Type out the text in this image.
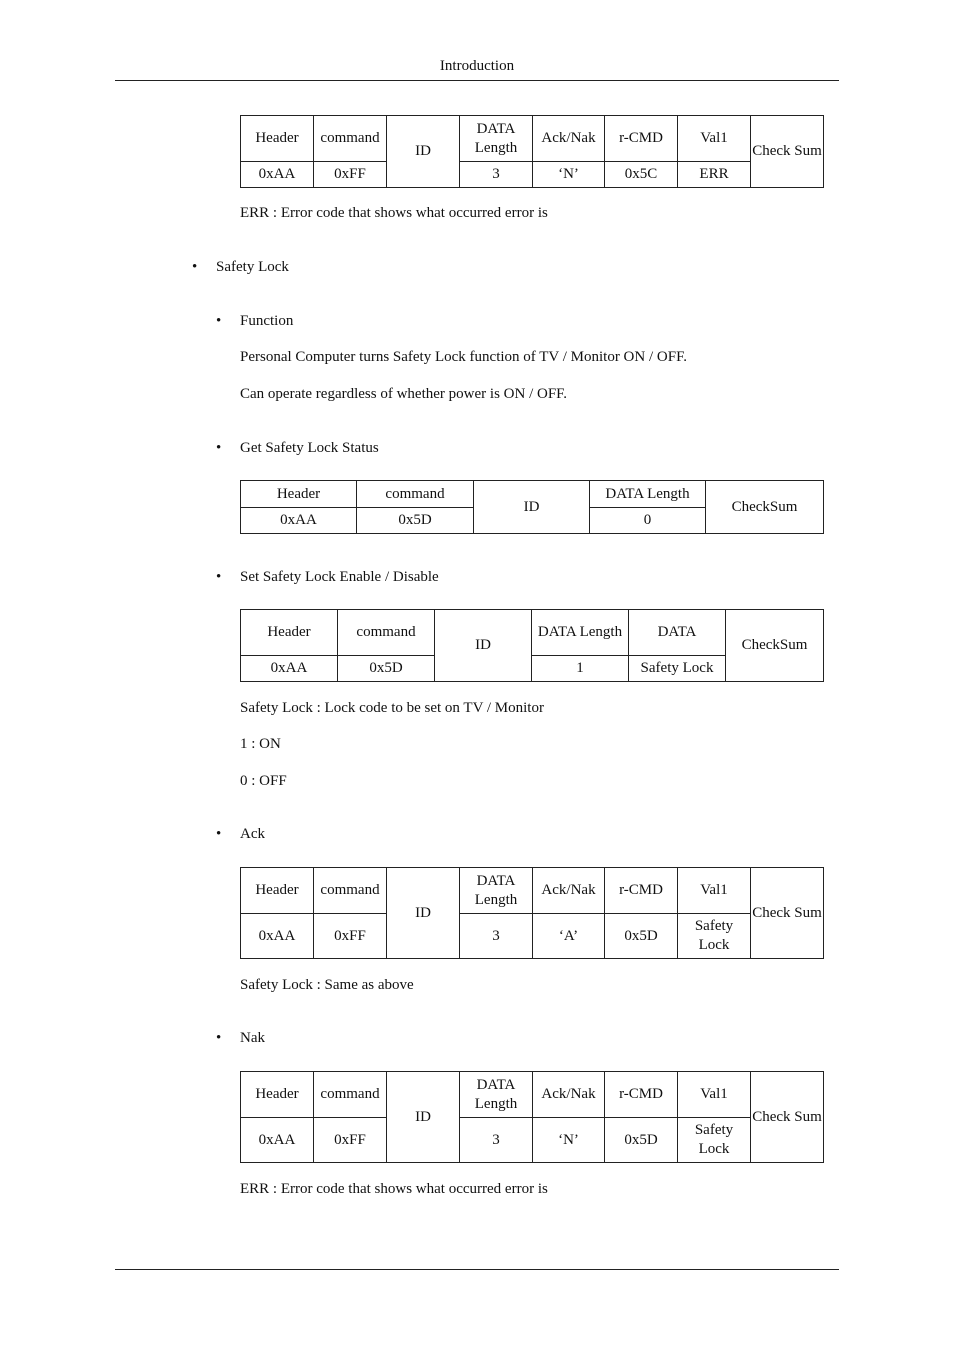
Introduction
Header	command	ID	DATA Length	Ack/Nak	r-CMD	Val1	Check Sum
0xAA	0xFF		3	‘N’	0x5C	ERR	
ERR : Error code that shows what occurred error is
• Safety Lock
• Function
Personal Computer turns Safety Lock function of TV / Monitor ON / OFF.
Can operate regardless of whether power is ON / OFF.
• Get Safety Lock Status
Header	command	ID	DATA Length	CheckSum
0xAA	0x5D		0	
• Set Safety Lock Enable / Disable
Header	command	ID	DATA Length	DATA	CheckSum
0xAA	0x5D		1	Safety Lock	
Safety Lock : Lock code to be set on TV / Monitor
1 : ON
0 : OFF
• Ack
Header	command	ID	DATA Length	Ack/Nak	r-CMD	Val1	Check Sum
0xAA	0xFF		3	‘A’	0x5D	Safety Lock	
Safety Lock : Same as above
• Nak
Header	command	ID	DATA Length	Ack/Nak	r-CMD	Val1	Check Sum
0xAA	0xFF		3	‘N’	0x5D	Safety Lock	
ERR : Error code that shows what occurred error is
